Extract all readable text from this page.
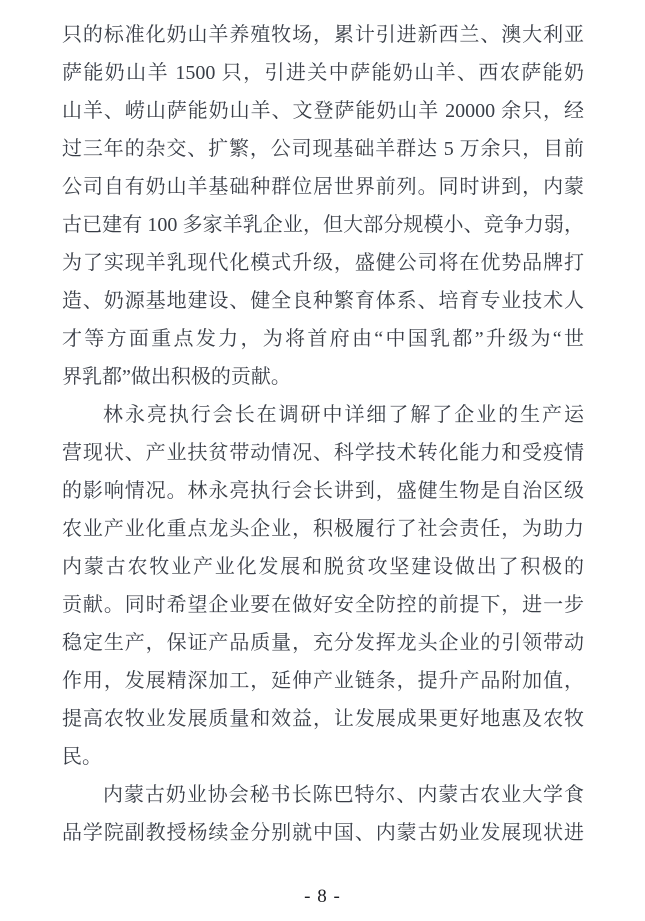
只的标准化奶山羊养殖牧场，累计引进新西兰、澳大利亚
萨能奶山羊 1500 只，引进关中萨能奶山羊、西农萨能奶
山羊、崂山萨能奶山羊、文登萨能奶山羊 20000 余只，经
过三年的杂交、扩繁，公司现基础羊群达 5 万余只，目前
公司自有奶山羊基础种群位居世界前列。同时讲到，内蒙
古已建有 100 多家羊乳企业，但大部分规模小、竞争力弱，
为了实现羊乳现代化模式升级，盛健公司将在优势品牌打
造、奶源基地建设、健全良种繁育体系、培育专业技术人
才等方面重点发力，为将首府由“中国乳都”升级为“世
界乳都”做出积极的贡献。
林永亮执行会长在调研中详细了解了企业的生产运
营现状、产业扶贫带动情况、科学技术转化能力和受疫情
的影响情况。林永亮执行会长讲到，盛健生物是自治区级
农业产业化重点龙头企业，积极履行了社会责任，为助力
内蒙古农牧业产业化发展和脱贫攻坚建设做出了积极的
贡献。同时希望企业要在做好安全防控的前提下，进一步
稳定生产，保证产品质量，充分发挥龙头企业的引领带动
作用，发展精深加工，延伸产业链条，提升产品附加值，
提高农牧业发展质量和效益，让发展成果更好地惠及农牧
民。
内蒙古奶业协会秘书长陈巴特尔、内蒙古农业大学食
品学院副教授杨续金分别就中国、内蒙古奶业发展现状进
- 8 -
